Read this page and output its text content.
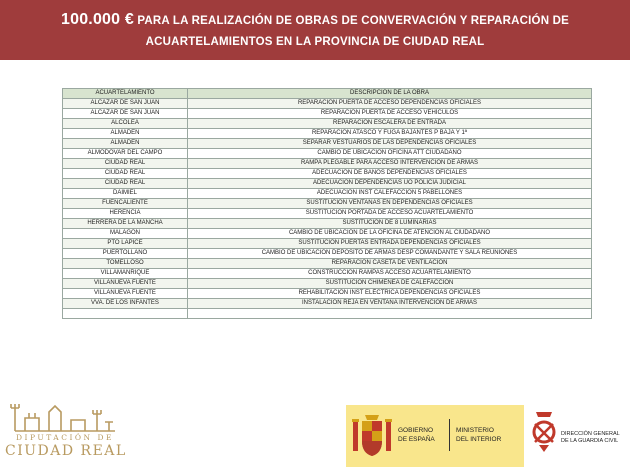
100.000 € PARA LA REALIZACIÓN DE OBRAS DE CONVERVACIÓN Y REPARACIÓN DE
ACUARTELAMIENTOS EN LA PROVINCIA DE CIUDAD REAL
ACUARTELAMIENTO	DESCRIPCIÓN DE LA OBRA
ALCAZAR DE SAN JUAN	REPARACIÓN PUERTA DE ACCESO DEPENDENCIAS OFICIALES
ALCAZAR DE SAN JUAN	REPARACIÓN PUERTA DE ACCESO VEHÍCULOS
ALCOLEA	REPARACIÓN ESCALERA DE ENTRADA
ALMADEN	REPARACIÓN ATASCO Y FUGA BAJANTES P BAJA Y 1ª
ALMADEN	SEPARAR VESTUARIOS DE LAS DEPENDENCIAS OFICIALES
ALMODOVAR DEL CAMPO	CAMBIO DE UBICACIÓN OFICINA ATT CIUDADANO
CIUDAD REAL	RAMPA PLEGABLE PARA ACCESO INTERVENCIÓN DE ARMAS
CIUDAD REAL	ADECUACIÓN DE BAÑOS DEPENDENCIAS OFICIALES
CIUDAD REAL	ADECUACIÓN DEPENDENCIAS UO POLICIA JUDICIAL
DAIMIEL	ADECUACIÓN INST CALEFACCIÓN 5 PABELLONES
FUENCALIENTE	SUSTITUCIÓN VENTANAS EN DEPENDENCIAS OFICIALES
HERENCIA	SUSTITUCIÓN PORTADA DE ACCESO ACUARTELAMIENTO
HERRERA DE LA MANCHA	SUSTITUCIÓN DE 8 LUMINARIAS
MALAGÓN	CAMBIO DE UBICACIÓN DE LA OFICINA DE ATENCIÓN AL CIUDADANO
PTO LAPICE	SUSTITUCIÓN PUERTAS ENTRADA DEPENDENCIAS OFICIALES
PUERTOLLANO	CAMBIO DE UBICACIÓN DEPÓSITO DE ARMAS DESP COMANDANTE Y SALA REUNIONES
TOMELLOSO	REPARACIÓN CASETA DE VENTILACIÓN
VILLAMANRIQUE	CONSTRUCCIÓN RAMPAS ACCESO ACUARTELAMIENTO
VILLANUEVA FUENTE	SUSTITUCIÓN CHIMENEA DE CALEFACCIÓN
VILLANUEVA FUENTE	REHABILITACIÓN INST ELÉCTRICA DEPENDENCIAS OFICIALES
VVA. DE LOS INFANTES	INSTALACIÓN REJA EN VENTANA INTERVENCIÓN DE ARMAS

DIPUTACIÓN DE
CIUDAD REAL
GOBIERNO
DE ESPAÑA
MINISTERIO
DEL INTERIOR
DIRECCIÓN GENERAL
DE LA GUARDIA CIVIL
